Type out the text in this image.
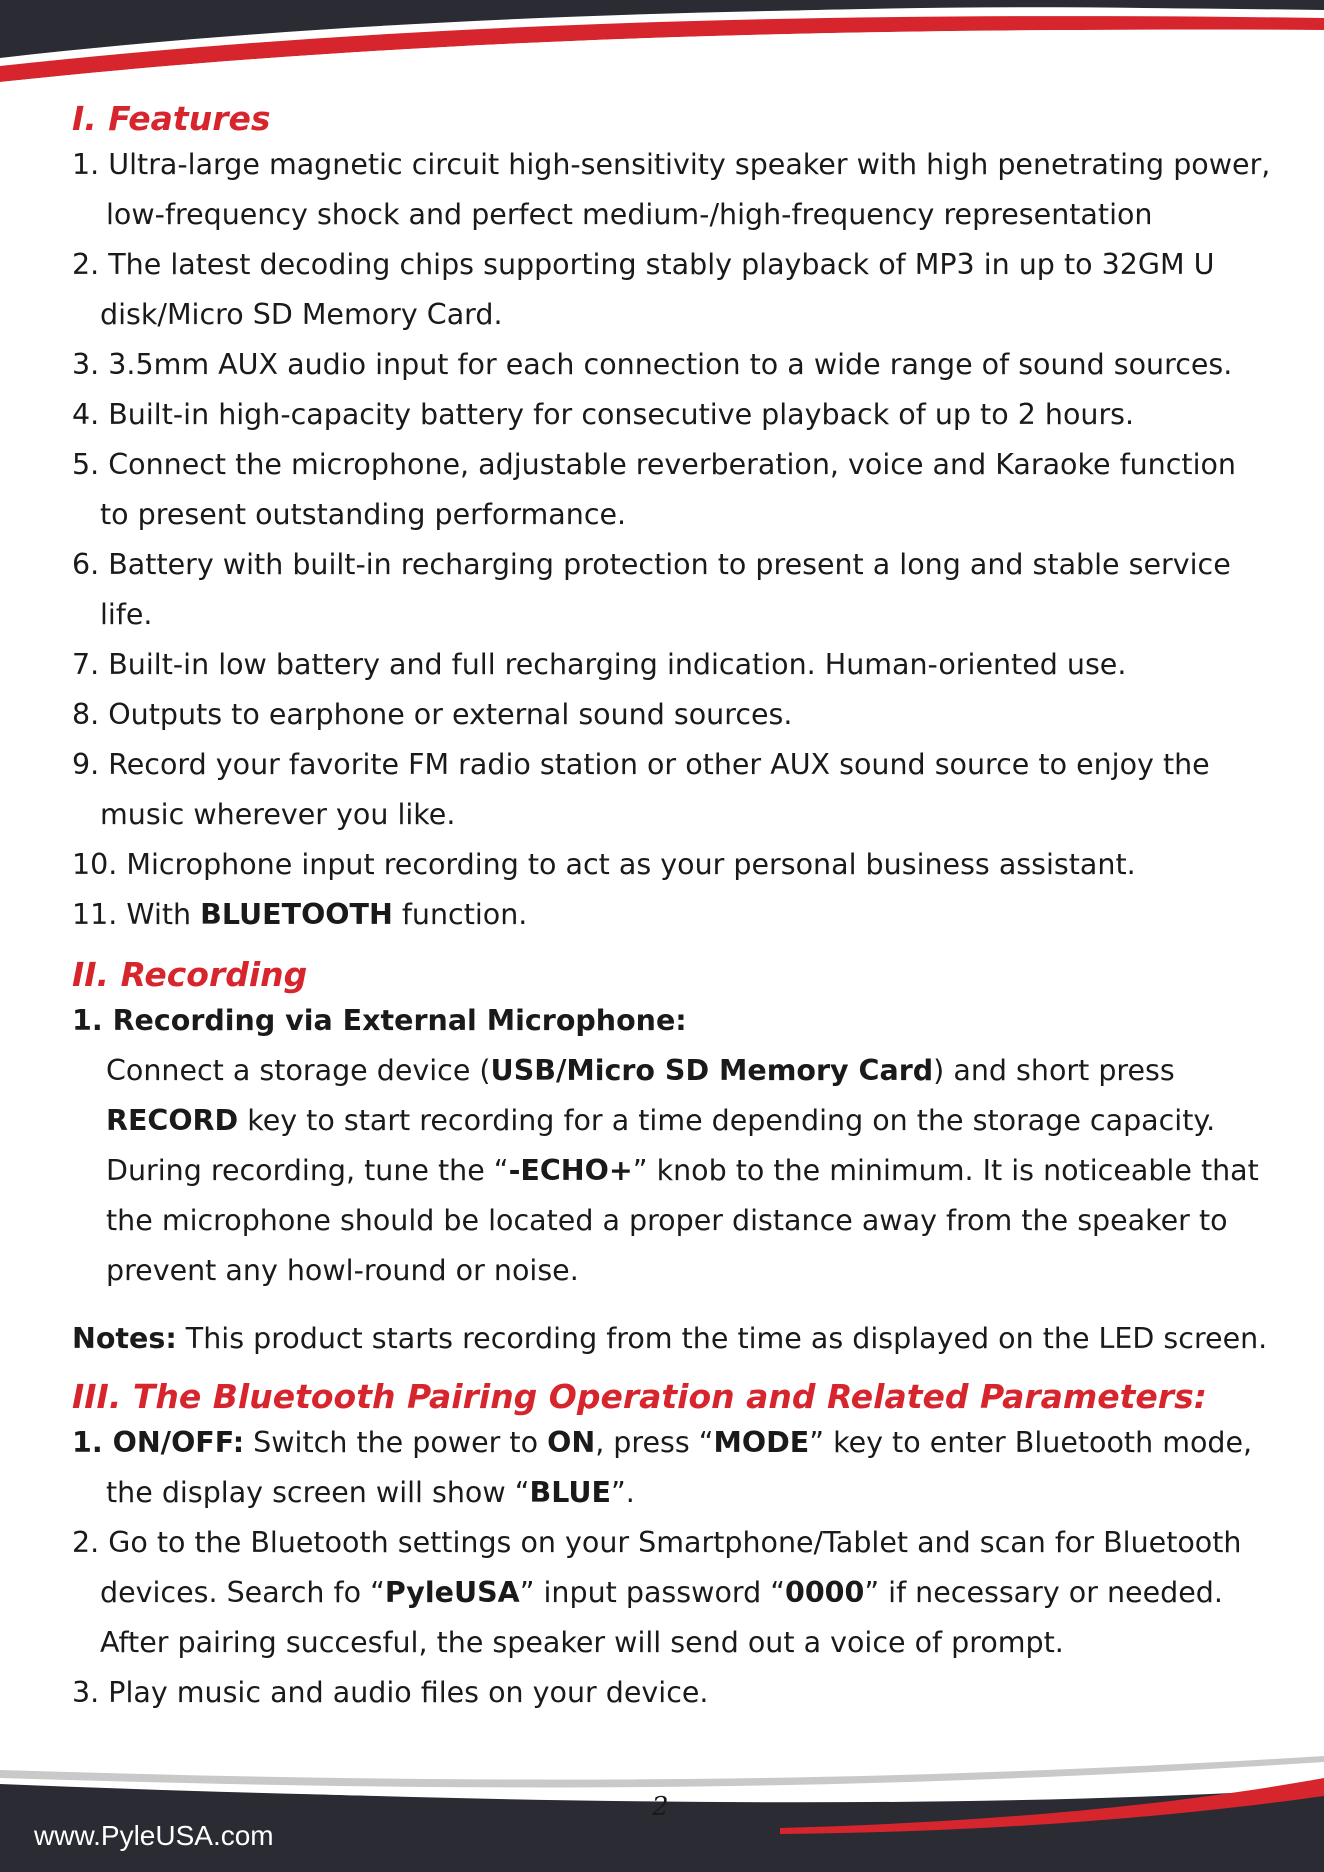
I. Features

1. Ultra-large magnetic circuit high-sensitivity speaker with high penetrating power,

low-frequency shock and perfect medium-/high-frequency representation

2. The latest decoding chips supporting stably playback of MP3 in up to 32GM U

disk/Micro SD Memory Card.

3. 3.5mm AUX audio input for each connection to a wide range of sound sources.

4. Built-in high-capacity battery for consecutive playback of up to 2 hours.

5. Connect the microphone, adjustable reverberation, voice and Karaoke function

to present outstanding performance.

6. Battery with built-in recharging protection to present a long and stable service

life.

7. Built-in low battery and full recharging indication. Human-oriented use.

8. Outputs to earphone or external sound sources.

9. Record your favorite FM radio station or other AUX sound source to enjoy the

music wherever you like.

10. Microphone input recording to act as your personal business assistant.

11. With BLUETOOTH function.

II. Recording

1. Recording via External Microphone:

Connect a storage device (USB/Micro SD Memory Card) and short press

RECORD key to start recording for a time depending on the storage capacity.

During recording, tune the “-ECHO+” knob to the minimum. It is noticeable that

the microphone should be located a proper distance away from the speaker to

prevent any howl-round or noise.

Notes: This product starts recording from the time as displayed on the LED screen.

III. The Bluetooth Pairing Operation and Related Parameters:

1. ON/OFF: Switch the power to ON, press “MODE” key to enter Bluetooth mode,

the display screen will show “BLUE”.

2. Go to the Bluetooth settings on your Smartphone/Tablet and scan for Bluetooth

devices. Search fo “PyleUSA” input password “0000” if necessary or needed.

After pairing succesful, the speaker will send out a voice of prompt.

3. Play music and audio files on your device.

2
www.PyleUSA.com
